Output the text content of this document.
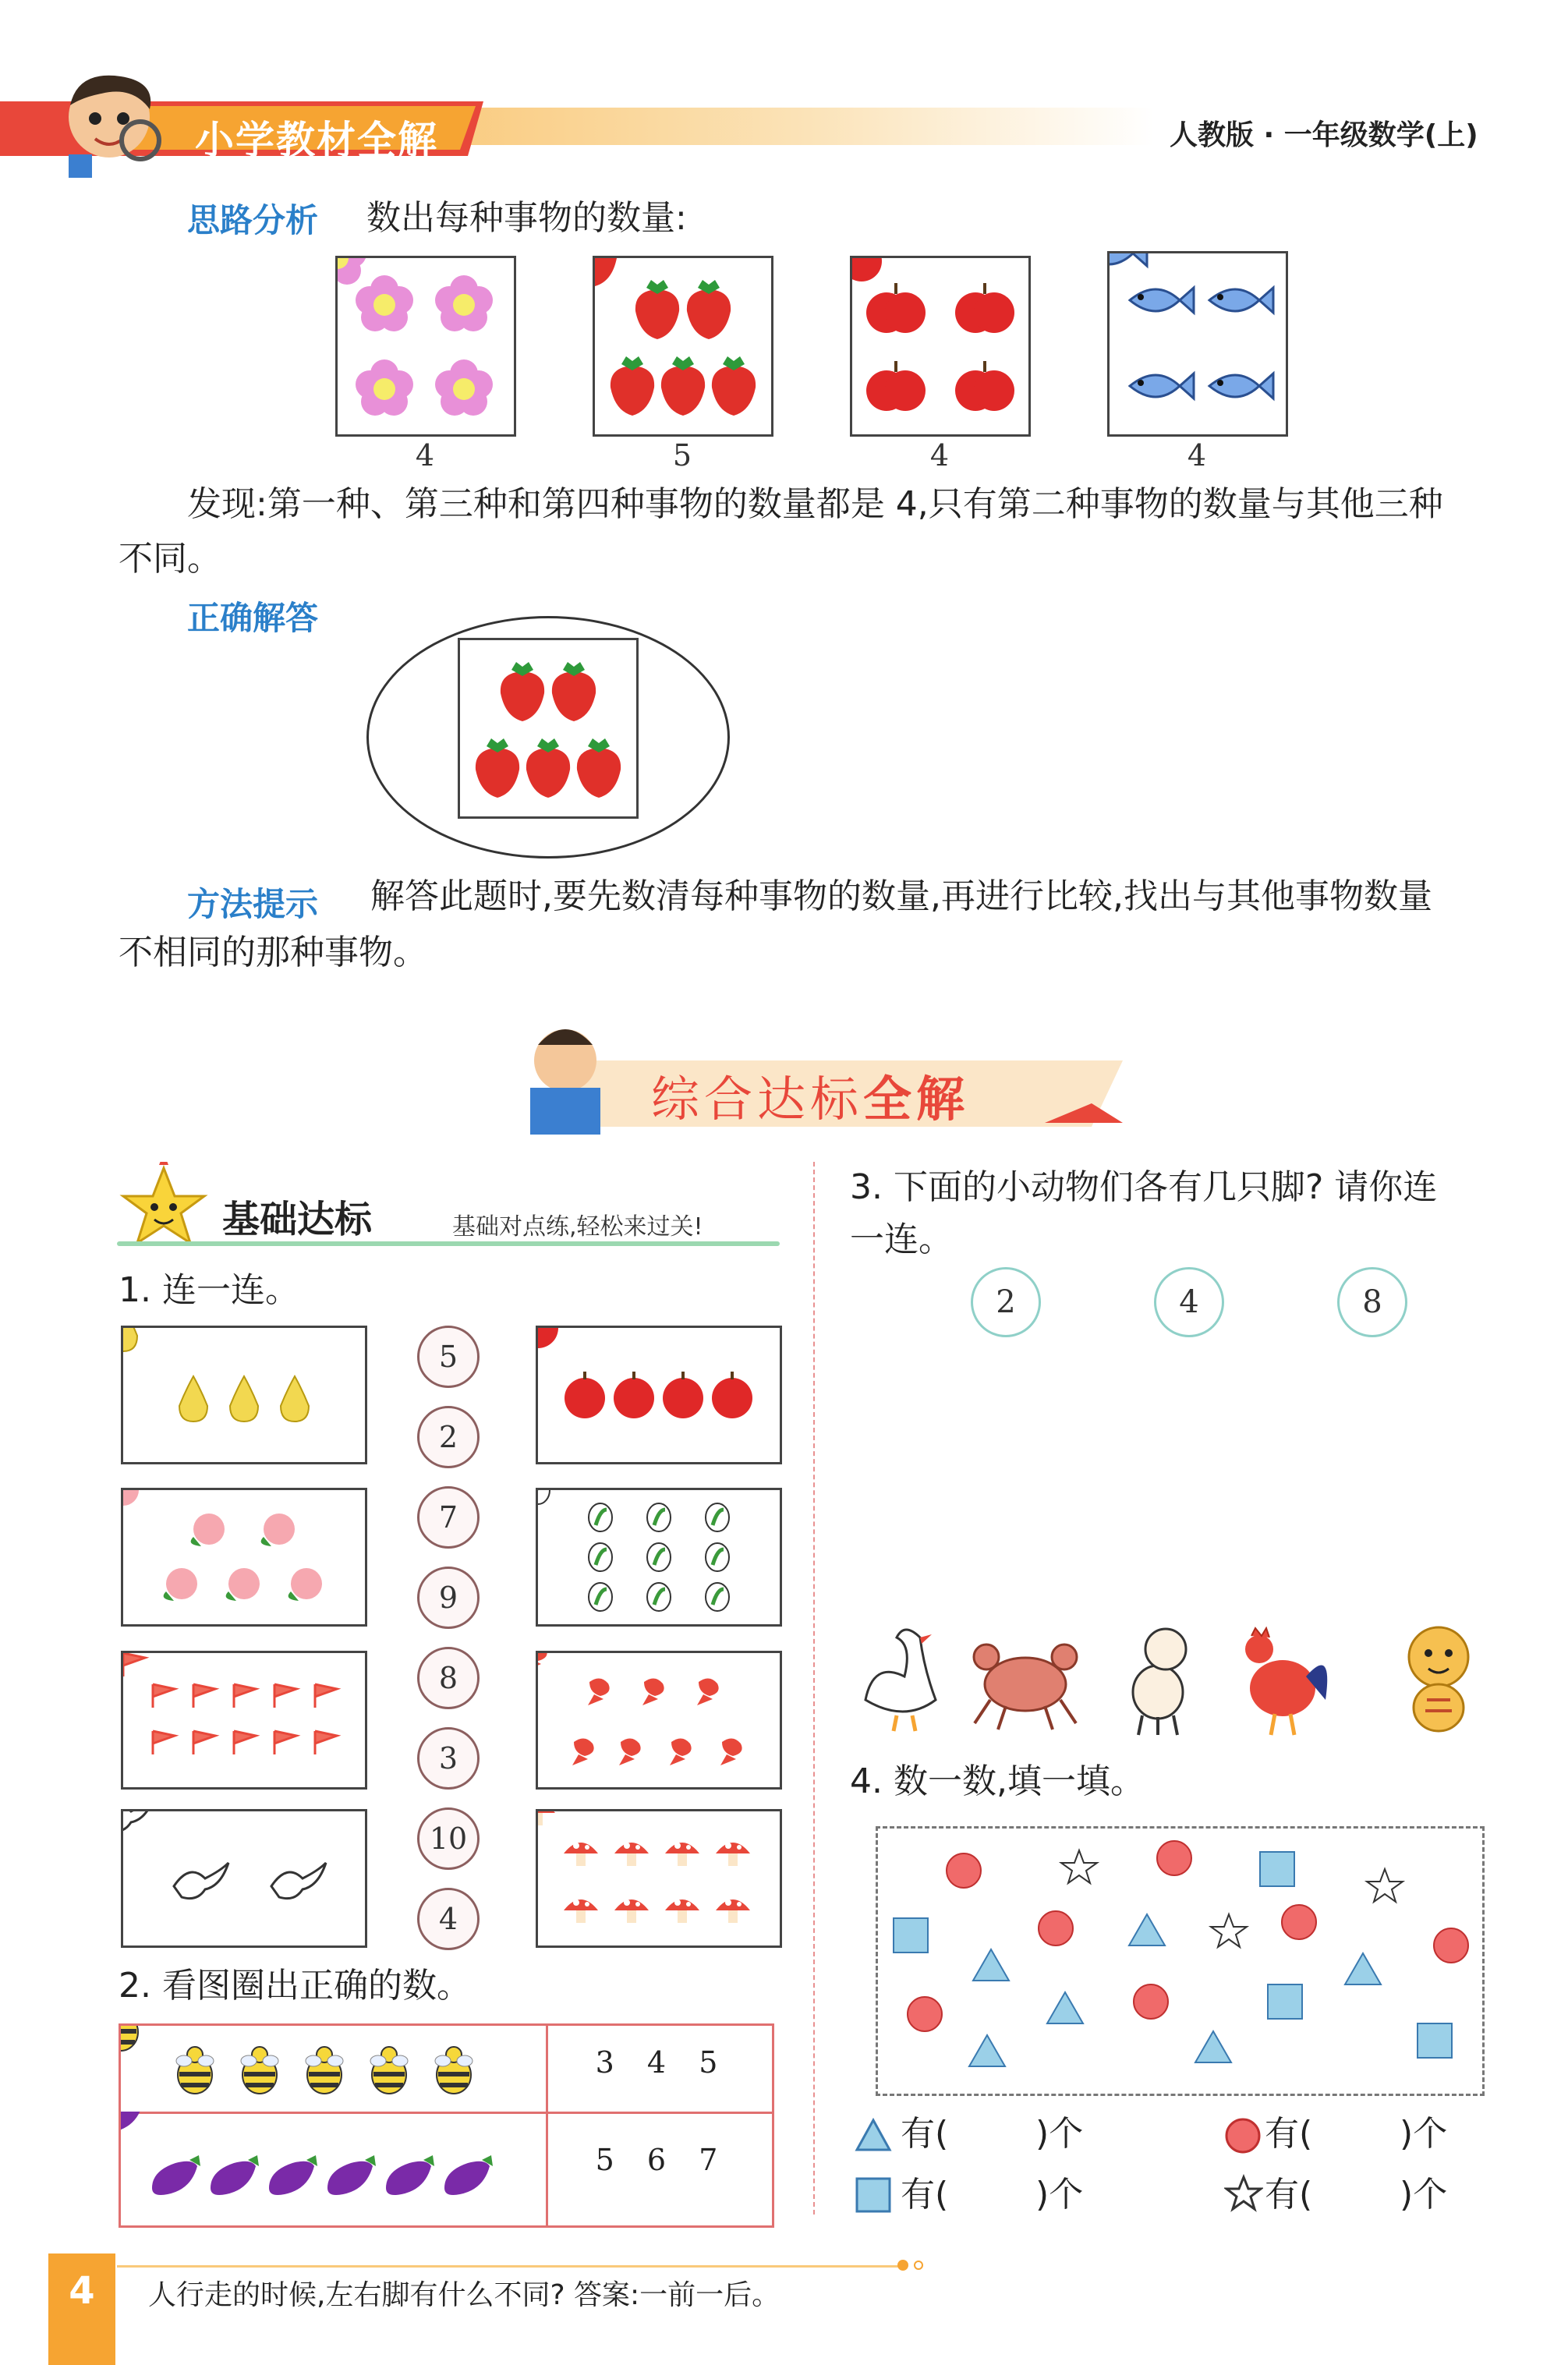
小学教材全解	人教版 · 一年级数学(上)
思路分析 数出每种事物的数量:
4	5	4	4
发现:第一种、第三种和第四种事物的数量都是 4,只有第二种事物的数量与其他三种
不同。
正确解答
方法提示 解答此题时,要先数清每种事物的数量,再进行比较,找出与其他事物数量
不相同的那种事物。
综合达标全解
基础达标	基础对点练,轻松来过关!
1. 连一连。
5
2
7
9
8
3
10
4
2. 看图圈出正确的数。
3  4  5
5  6  7
3. 下面的小动物们各有几只脚? 请你连
一连。
2	4	8
4. 数一数,填一填。
有(        )个	有(        )个
有(        )个	有(        )个
4	人行走的时候,左右脚有什么不同? 答案:一前一后。
